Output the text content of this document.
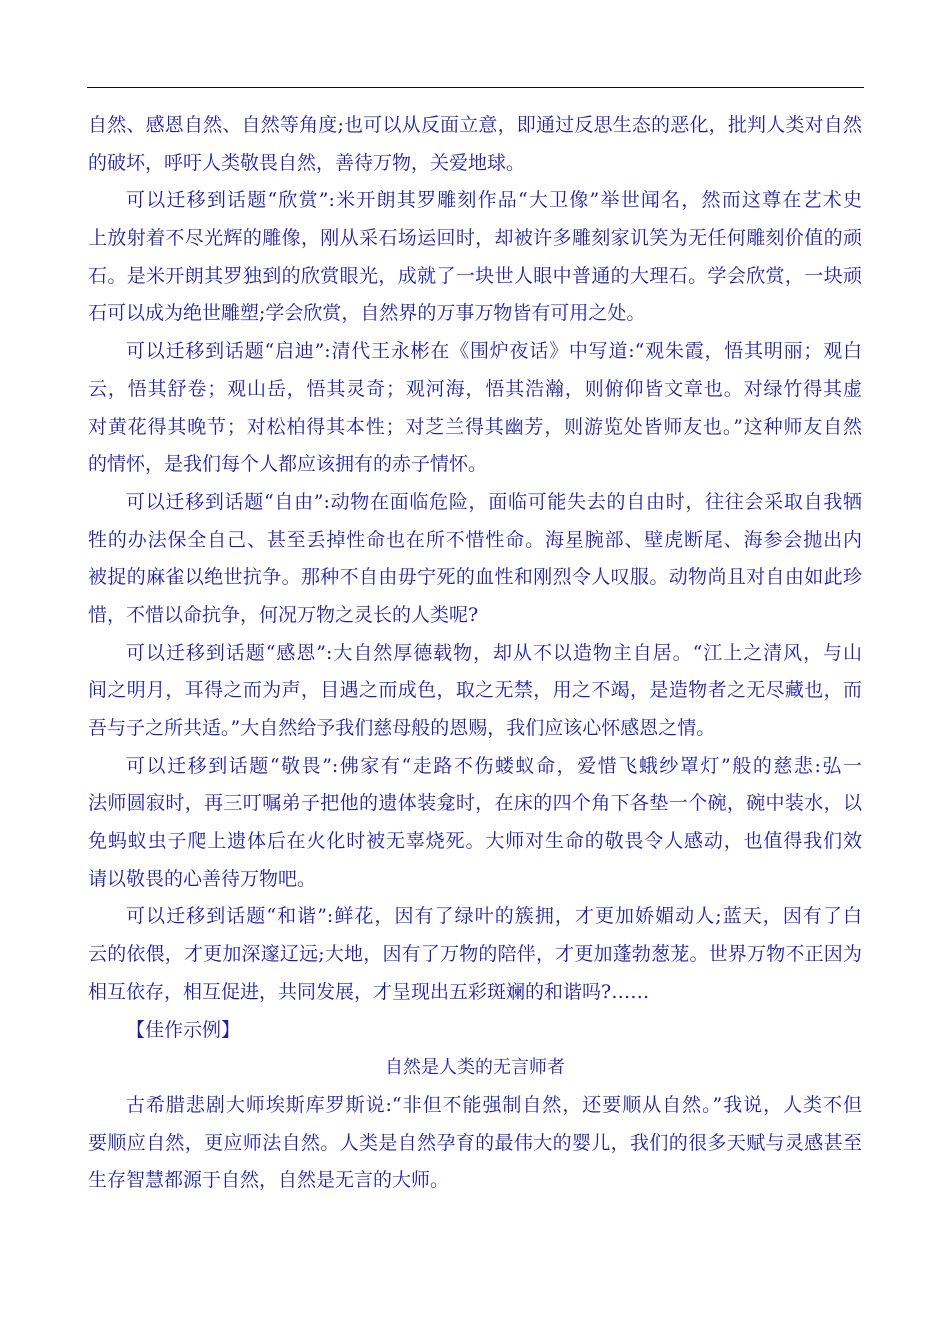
自然、感恩自然、自然等角度;也可以从反面立意，即通过反思生态的恶化，批判人类对自然
的破坏，呼吁人类敬畏自然，善待万物，关爱地球。
可以迁移到话题“欣赏”:米开朗其罗雕刻作品“大卫像”举世闻名，然而这尊在艺术史
上放射着不尽光辉的雕像，刚从采石场运回时，却被许多雕刻家讥笑为无任何雕刻价值的顽
石。是米开朗其罗独到的欣赏眼光，成就了一块世人眼中普通的大理石。学会欣赏，一块顽
石可以成为绝世雕塑;学会欣赏，自然界的万事万物皆有可用之处。
可以迁移到话题“启迪”:清代王永彬在《围炉夜话》中写道:“观朱霞，悟其明丽；观白
云，悟其舒卷；观山岳，悟其灵奇；观河海，悟其浩瀚，则俯仰皆文章也。对绿竹得其虚
对黄花得其晚节；对松柏得其本性；对芝兰得其幽芳，则游览处皆师友也。”这种师友自然
的情怀，是我们每个人都应该拥有的赤子情怀。
可以迁移到话题“自由”:动物在面临危险，面临可能失去的自由时，往往会采取自我牺
牲的办法保全自己、甚至丢掉性命也在所不惜性命。海星腕部、壁虎断尾、海参会抛出内
被捉的麻雀以绝世抗争。那种不自由毋宁死的血性和刚烈令人叹服。动物尚且对自由如此珍
惜，不惜以命抗争，何况万物之灵长的人类呢?
可以迁移到话题“感恩”:大自然厚德载物，却从不以造物主自居。“江上之清风，与山
间之明月，耳得之而为声，目遇之而成色，取之无禁，用之不竭，是造物者之无尽藏也，而
吾与子之所共适。”大自然给予我们慈母般的恩赐，我们应该心怀感恩之情。
可以迁移到话题“敬畏”:佛家有“走路不伤蝼蚁命，爱惜飞蛾纱罩灯”般的慈悲:弘一
法师圆寂时，再三叮嘱弟子把他的遗体装龛时，在床的四个角下各垫一个碗，碗中装水，以
免蚂蚁虫子爬上遗体后在火化时被无辜烧死。大师对生命的敬畏令人感动，也值得我们效
请以敬畏的心善待万物吧。
可以迁移到话题“和谐”:鲜花，因有了绿叶的簇拥，才更加娇媚动人;蓝天，因有了白
云的依偎，才更加深邃辽远;大地，因有了万物的陪伴，才更加蓬勃葱茏。世界万物不正因为
相互依存，相互促进，共同发展，才呈现出五彩斑斓的和谐吗?……
【佳作示例】
自然是人类的无言师者
古希腊悲剧大师埃斯库罗斯说:“非但不能强制自然，还要顺从自然。”我说，人类不但
要顺应自然，更应师法自然。人类是自然孕育的最伟大的婴儿，我们的很多天赋与灵感甚至
生存智慧都源于自然，自然是无言的大师。
